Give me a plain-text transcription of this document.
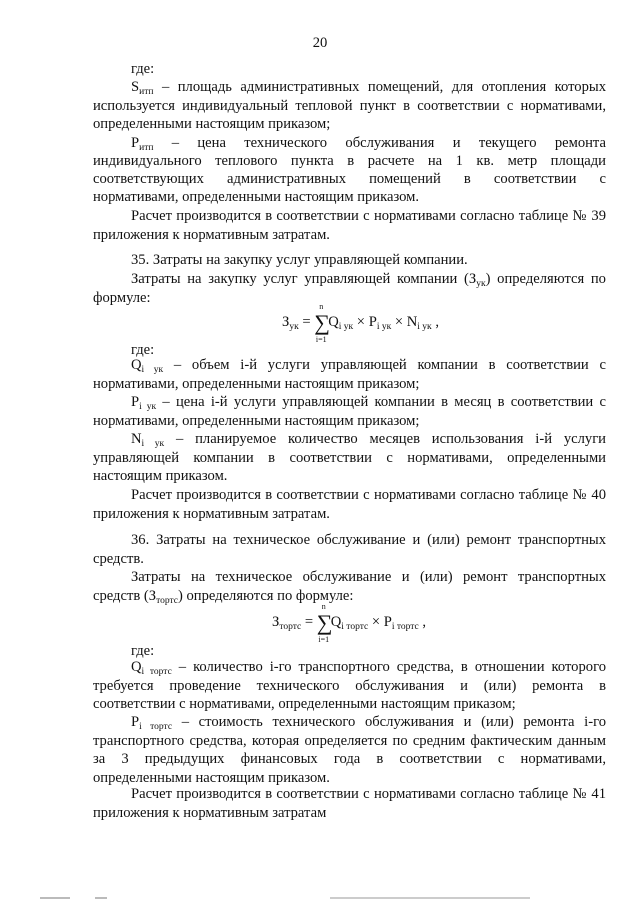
20

где:

$S_{итп}$ – площадь административных помещений, для отопления которых используется индивидуальный тепловой пункт в соответствии с нормативами, определенными настоящим приказом;

$P_{итп}$ – цена технического обслуживания и текущего ремонта
индивидуального теплового пункта в расчете на 1 кв. метр площади
соответствующих административных помещений в соответствии с

нормативами, определенными настоящим приказом.

Расчет производится в соответствии с нормативами согласно таблице № 39 приложения к нормативным затратам.

35. Затраты на закупку услуг управляющей компании.

Затраты на закупку услуг управляющей компании $(З_{ук})$ определяются по формуле:

$З_{ук}$ = ∑
n
i=1
$Q_{i ук} \times P_{i ук} \times N_{i ук}$ ,

где:

$Q_{i ук}$ – объем i-й услуги управляющей компании в соответствии с нормативами, определенными настоящим приказом;

$P_{i ук}$ – цена i-й услуги управляющей компании в месяц в соответствии с нормативами, определенными настоящим приказом;

$N_{i ук}$ – планируемое количество месяцев использования i-й услуги управляющей компании в соответствии с нормативами, определенными настоящим приказом.

Расчет производится в соответствии с нормативами согласно таблице № 40 приложения к нормативным затратам.

36. Затраты на техническое обслуживание и (или) ремонт транспортных средств.

Затраты на техническое обслуживание и (или) ремонт транспортных средств $(З_{тортс})$ определяются по формуле:

$З_{тортс}$ = ∑
n
i=1
$Q_{i тортс} \times P_{i тортс}$ ,

где:

$Q_{i тортс}$ – количество i-го транспортного средства, в отношении которого требуется проведение технического обслуживания и (или) ремонта в соответствии с нормативами, определенными настоящим приказом;

$P_{i тортс}$ – стоимость технического обслуживания и (или) ремонта i-го транспортного средства, которая определяется по средним фактическим данным за 3 предыдущих финансовых года в соответствии с нормативами, определенными настоящим приказом.

Расчет производится в соответствии с нормативами согласно таблице № 41 приложения к нормативным затратам
